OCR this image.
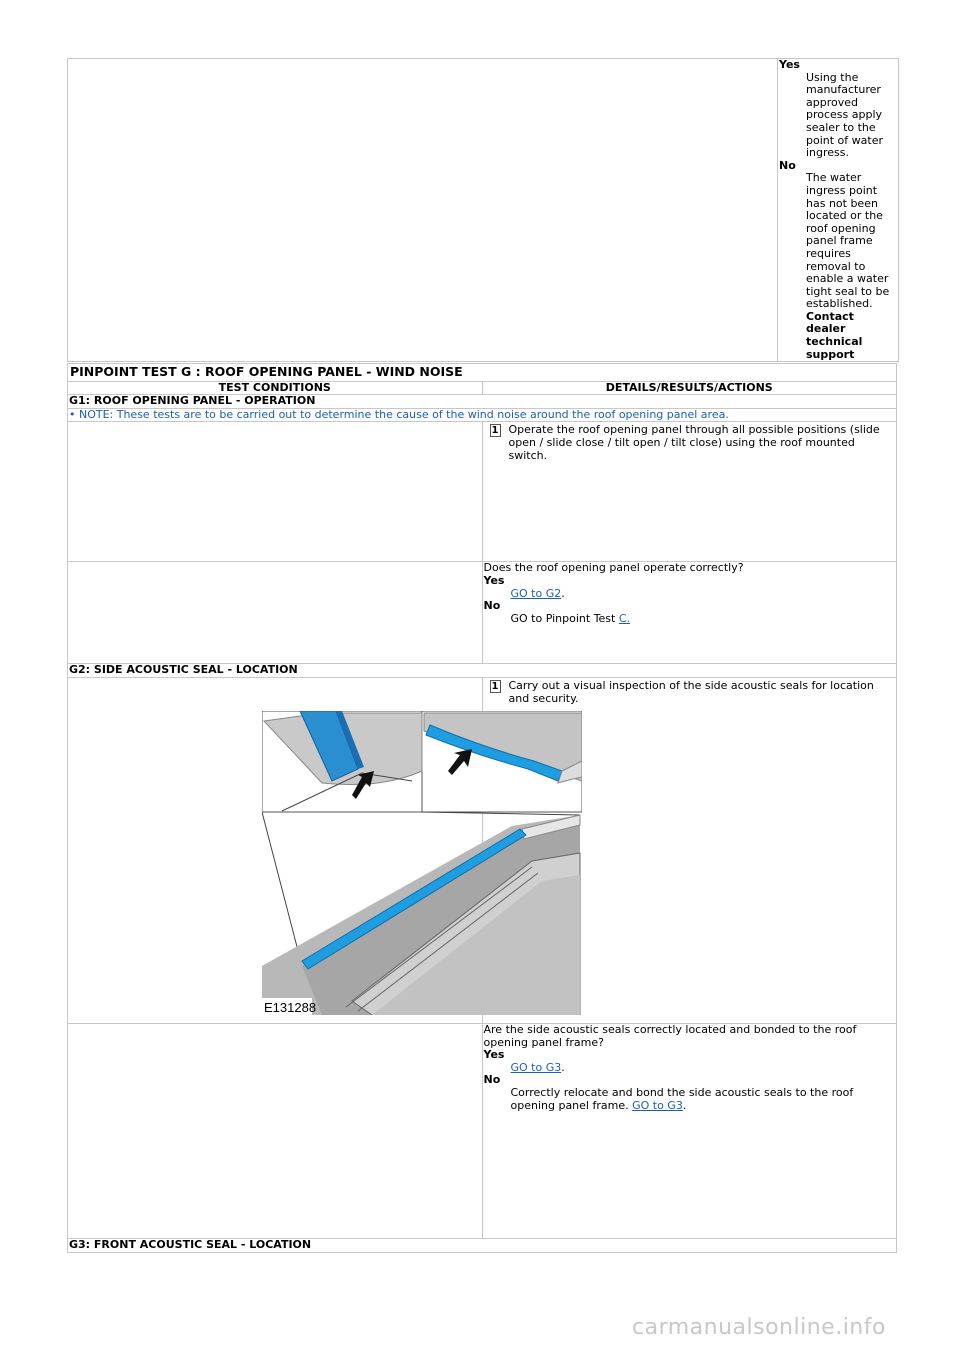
Yes
Using the manufacturer approved process apply sealer to the point of water ingress.
No
The water ingress point has not been located or the roof opening panel frame requires removal to enable a water tight seal to be established.
Contact dealer technical support
PINPOINT TEST G : ROOF OPENING PANEL - WIND NOISE	
TEST CONDITIONS	DETAILS/RESULTS/ACTIONS
G1: ROOF OPENING PANEL - OPERATION	
• NOTE: These tests are to be carried out to determine the cause of the wind noise around the roof opening panel area.	
	1 Operate the roof opening panel through all possible positions (slide open / slide close / tilt open / tilt close) using the roof mounted switch.

	Does the roof opening panel operate correctly?
Yes
GO to G2.
No
GO to Pinpoint Test C.

G2: SIDE ACOUSTIC SEAL - LOCATION	
	1 Carry out a visual inspection of the side acoustic seals for location and security.

	Are the side acoustic seals correctly located and bonded to the roof opening panel frame?
Yes
GO to G3.
No
Correctly relocate and bond the side acoustic seals to the roof opening panel frame. GO to G3.

G3: FRONT ACOUSTIC SEAL - LOCATION	
E131288
carmanualsonline.info
